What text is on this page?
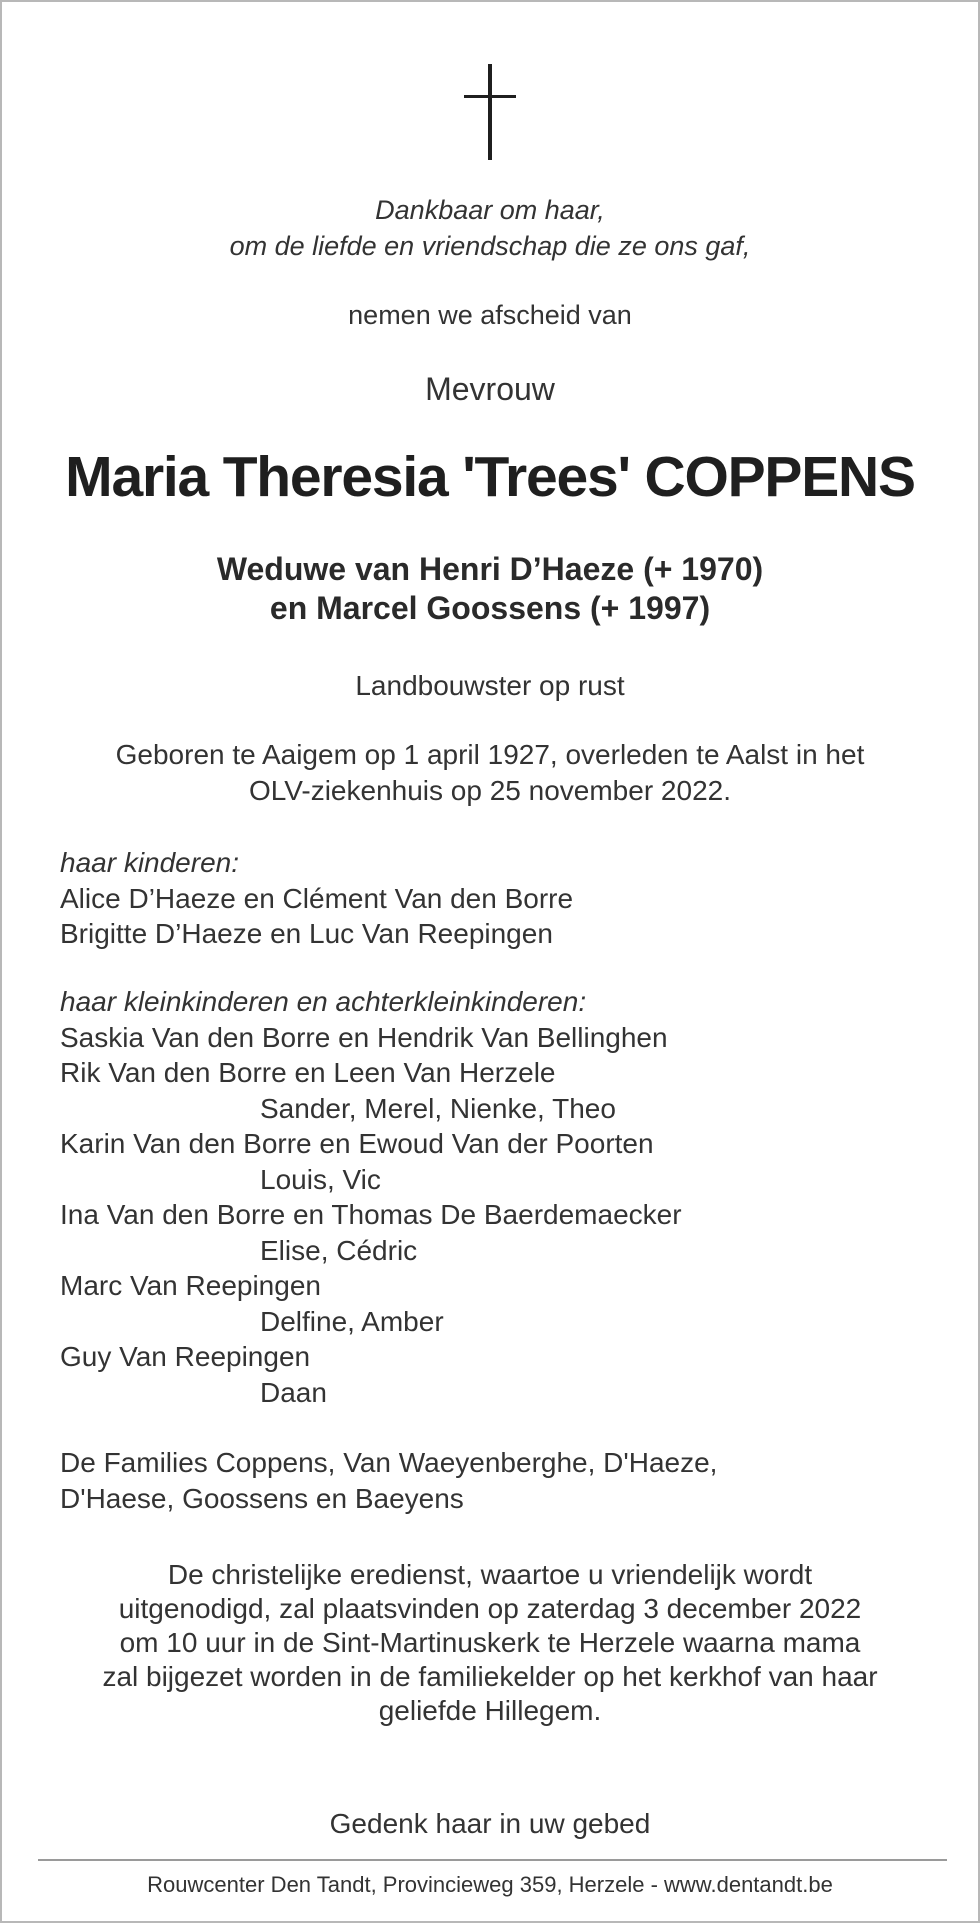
Dankbaar om haar,
om de liefde en vriendschap die ze ons gaf,
nemen we afscheid van
Mevrouw
Maria Theresia 'Trees' COPPENS
Weduwe van Henri D’Haeze (+ 1970)
en Marcel Goossens (+ 1997)
Landbouwster op rust
Geboren te Aaigem op 1 april 1927, overleden te Aalst in het
OLV-ziekenhuis op 25 november 2022.
haar kinderen:
Alice D’Haeze en Clément Van den Borre
Brigitte D’Haeze en Luc Van Reepingen
haar kleinkinderen en achterkleinkinderen:
Saskia Van den Borre en Hendrik Van Bellinghen
Rik Van den Borre en Leen Van Herzele
Sander, Merel, Nienke, Theo
Karin Van den Borre en Ewoud Van der Poorten
Louis, Vic
Ina Van den Borre en Thomas De Baerdemaecker
Elise, Cédric
Marc Van Reepingen
Delfine, Amber
Guy Van Reepingen
Daan
De Families Coppens, Van Waeyenberghe, D'Haeze,
D'Haese, Goossens en Baeyens
De christelijke eredienst, waartoe u vriendelijk wordt
uitgenodigd, zal plaatsvinden op zaterdag 3 december 2022
om 10 uur in de Sint-Martinuskerk te Herzele waarna mama
zal bijgezet worden in de familiekelder op het kerkhof van haar
geliefde Hillegem.
Gedenk haar in uw gebed
Rouwcenter Den Tandt, Provincieweg 359, Herzele - www.dentandt.be
